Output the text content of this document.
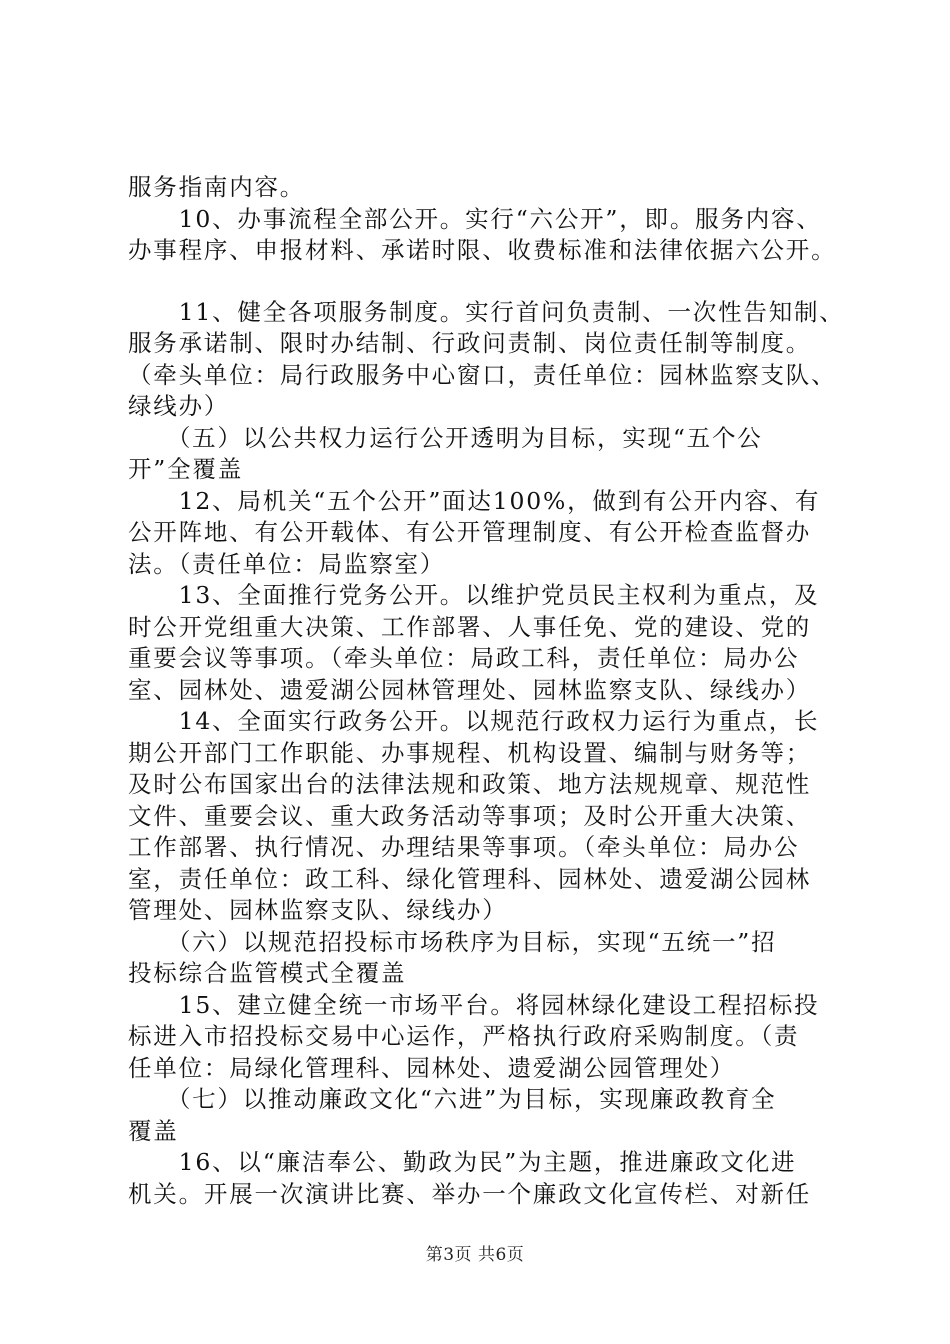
服务指南内容。
　　10、办事流程全部公开。实行“六公开”，即。服务内容、
办事程序、申报材料、承诺时限、收费标准和法律依据六公开。
　　11、健全各项服务制度。实行首问负责制、一次性告知制、
服务承诺制、限时办结制、行政问责制、岗位责任制等制度。
（牵头单位：局行政服务中心窗口，责任单位：园林监察支队、
绿线办）
　　（五）以公共权力运行公开透明为目标，实现“五个公
开”全覆盖
　　12、局机关“五个公开”面达100%，做到有公开内容、有
公开阵地、有公开载体、有公开管理制度、有公开检查监督办
法。（责任单位：局监察室）
　　13、全面推行党务公开。以维护党员民主权利为重点，及
时公开党组重大决策、工作部署、人事任免、党的建设、党的
重要会议等事项。（牵头单位：局政工科，责任单位：局办公
室、园林处、遗爱湖公园林管理处、园林监察支队、绿线办）
　　14、全面实行政务公开。以规范行政权力运行为重点，长
期公开部门工作职能、办事规程、机构设置、编制与财务等；
及时公布国家出台的法律法规和政策、地方法规规章、规范性
文件、重要会议、重大政务活动等事项；及时公开重大决策、
工作部署、执行情况、办理结果等事项。（牵头单位：局办公
室，责任单位：政工科、绿化管理科、园林处、遗爱湖公园林
管理处、园林监察支队、绿线办）
　　（六）以规范招投标市场秩序为目标，实现“五统一”招
投标综合监管模式全覆盖
　　15、建立健全统一市场平台。将园林绿化建设工程招标投
标进入市招投标交易中心运作，严格执行政府采购制度。（责
任单位：局绿化管理科、园林处、遗爱湖公园管理处）
　　（七）以推动廉政文化“六进”为目标，实现廉政教育全
覆盖
　　16、以“廉洁奉公、勤政为民”为主题，推进廉政文化进
机关。开展一次演讲比赛、举办一个廉政文化宣传栏、对新任
第3页 共6页
